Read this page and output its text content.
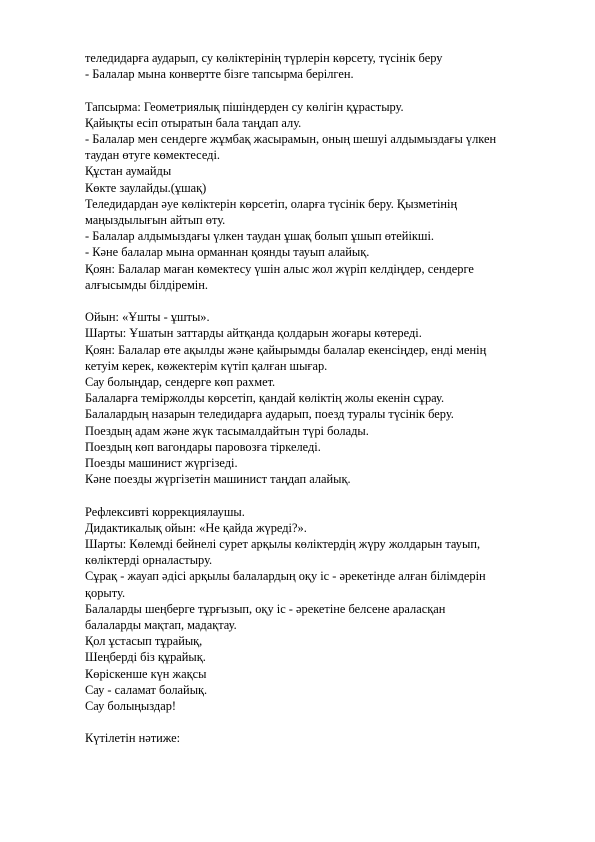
теледидарға аударып, су көліктерінің түрлерін көрсету, түсінік беру
- Балалар мына конвертте бізге тапсырма берілген.
Тапсырма: Геометриялық пішіндерден су көлігін құрастыру.
Қайықты есіп отыратын бала таңдап алу.
- Балалар мен сендерге жұмбақ жасырамын, оның шешуі алдымыздағы үлкен
таудан өтуге көмектеседі.
Құстан аумайды
Көкте заулайды.(ұшақ)
Теледидардан әуе көліктерін көрсетіп, оларға түсінік беру. Қызметінің
маңыздылығын айтып өту.
- Балалар алдымыздағы үлкен таудан ұшақ болып ұшып өтейікші.
- Кәне балалар мына орманнан қоянды тауып алайық.
Қоян: Балалар маған көмектесу үшін алыс жол жүріп келдіңдер, сендерге
алғысымды білдіремін.
Ойын: «Ұшты - ұшты».
Шарты: Ұшатын заттарды айтқанда қолдарын жоғары көтереді.
Қоян: Балалар өте ақылды және қайырымды балалар екенсіңдер, енді менің
кетуім керек, көжектерім күтіп қалған шығар.
Сау болыңдар, сендерге көп рахмет.
Балаларға теміржолды көрсетіп, қандай көліктің жолы екенін сұрау.
Балалардың назарын теледидарға аударып, поезд туралы түсінік беру.
Поездың адам және жүк тасымалдайтын түрі болады.
Поездың көп вагондары паровозға тіркеледі.
Поезды машинист жүргізеді.
Кәне поезды жүргізетін машинист таңдап алайық.
Рефлексивті коррекциялаушы.
Дидактикалық ойын: «Не қайда жүреді?».
Шарты: Көлемді бейнелі сурет арқылы көліктердің жүру жолдарын тауып,
көліктерді орналастыру.
Сұрақ - жауап әдісі арқылы балалардың оқу іс - әрекетінде алған білімдерін
қорыту.
Балаларды шеңберге тұрғызып, оқу іс - әрекетіне белсене араласқан
балаларды мақтап, мадақтау.
Қол ұстасып тұрайық,
Шеңберді біз құрайық.
Көріскенше күн жақсы
Сау - саламат болайық.
Сау болыңыздар!
Күтілетін нәтиже:
